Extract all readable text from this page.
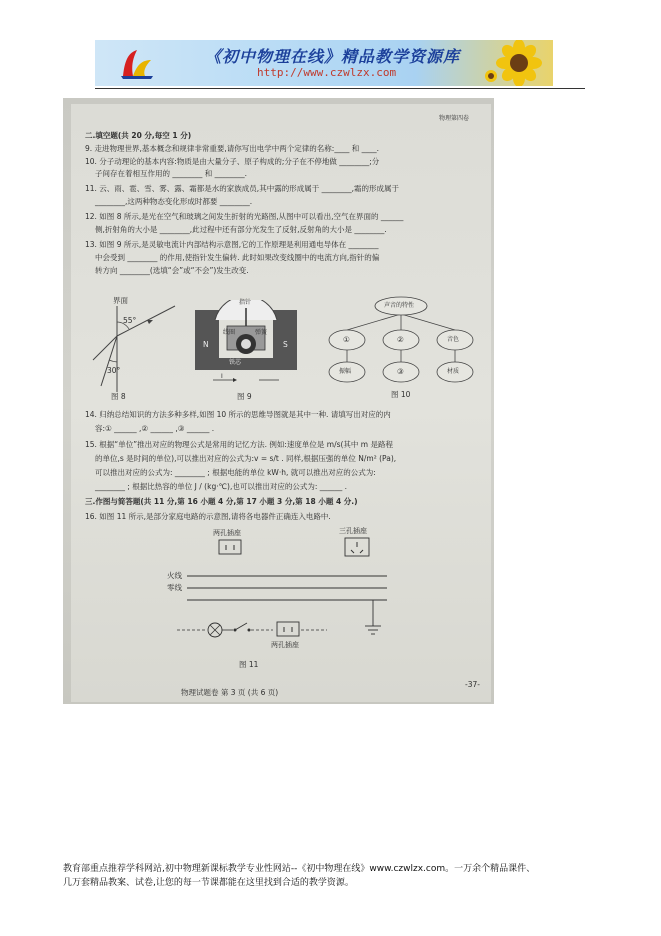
《初中物理在线》精品教学资源库
http://www.czwlzx.com
物理第四卷
二.填空题(共 20 分,每空 1 分)
9. 走进物理世界,基本概念和规律非常重要,请你写出电学中两个定律的名称:____ 和 ____.
10. 分子动理论的基本内容:物质是由大量分子、原子构成的;分子在不停地做 ________;分
子间存在着相互作用的 ________ 和 ________.
11. 云、雨、雹、雪、雾、露、霜都是水的家族成员,其中露的形成属于 ________,霜的形成属于
________,这两种物态变化形成时都要 ________.
12. 如图 8 所示,是光在空气和玻璃之间发生折射的光路图,从图中可以看出,空气在界面的 ______
侧,折射角的大小是 ________,此过程中还有部分光发生了反射,反射角的大小是 ________.
13. 如图 9 所示,是灵敏电流计内部结构示意图,它的工作原理是利用通电导体在 ________
中会受到 ________ 的作用,使指针发生偏转. 此时如果改变线圈中的电流方向,指针的偏
转方向 ________(选填“会”或“不会”)发生改变.
界面
55°
30°
图 8
指针
线圈	弹簧
N	S
铁芯
I
图 9
声音的特性
①	②	音色
振幅	③	材质
图 10
14. 归纳总结知识的方法多种多样,如图 10 所示的思维导图就是其中一种. 请填写出对应的内
容:① ______ ,② ______ ,③ ______ .
15. 根据“单位”推出对应的物理公式是常用的记忆方法. 例如:速度单位是 m/s(其中 m 是路程
的单位,s 是时间的单位),可以推出对应的公式为:v = s/t . 同样,根据压强的单位 N/m² (Pa),
可以推出对应的公式为: ________ ; 根据电能的单位 kW·h, 就可以推出对应的公式为:
________ ; 根据比热容的单位 J / (kg·℃),也可以推出对应的公式为: ______ .
三.作图与简答题(共 11 分,第 16 小题 4 分,第 17 小题 3 分,第 18 小题 4 分.)
16. 如图 11 所示,是部分家庭电路的示意图,请将各电器件正确连入电路中.
两孔插座	三孔插座
火线
零线
两孔插座
图 11
物理试题卷 第 3 页 (共 6 页)
-37-
教育部重点推荐学科网站,初中物理新课标教学专业性网站--《初中物理在线》www.czwlzx.com。一万余个精品课件、
几万套精品教案、试卷,让您的每一节课都能在这里找到合适的教学资源。
